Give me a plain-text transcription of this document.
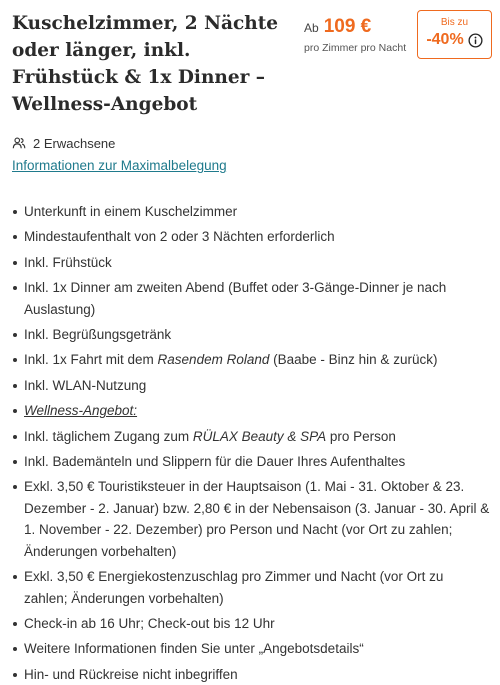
Kuschelzimmer, 2 Nächte oder länger, inkl. Frühstück & 1x Dinner – Wellness-Angebot
Ab 109 €
pro Zimmer pro Nacht
Bis zu
-40%
2 Erwachsene
Informationen zur Maximalbelegung
Unterkunft in einem Kuschelzimmer
Mindestaufenthalt von 2 oder 3 Nächten erforderlich
Inkl. Frühstück
Inkl. 1x Dinner am zweiten Abend (Buffet oder 3-Gänge-Dinner je nach Auslastung)
Inkl. Begrüßungsgetränk
Inkl. 1x Fahrt mit dem Rasendem Roland (Baabe - Binz hin & zurück)
Inkl. WLAN-Nutzung
Wellness-Angebot:
Inkl. täglichem Zugang zum RÜLAX Beauty & SPA pro Person
Inkl. Bademänteln und Slippern für die Dauer Ihres Aufenthaltes
Exkl. 3,50 € Touristiksteuer in der Hauptsaison (1. Mai - 31. Oktober & 23. Dezember - 2. Januar) bzw. 2,80 € in der Nebensaison (3. Januar - 30. April & 1. November - 22. Dezember) pro Person und Nacht (vor Ort zu zahlen; Änderungen vorbehalten)
Exkl. 3,50 € Energiekostenzuschlag pro Zimmer und Nacht (vor Ort zu zahlen; Änderungen vorbehalten)
Check-in ab 16 Uhr; Check-out bis 12 Uhr
Weitere Informationen finden Sie unter „Angebotsdetails“
Hin- und Rückreise nicht inbegriffen
